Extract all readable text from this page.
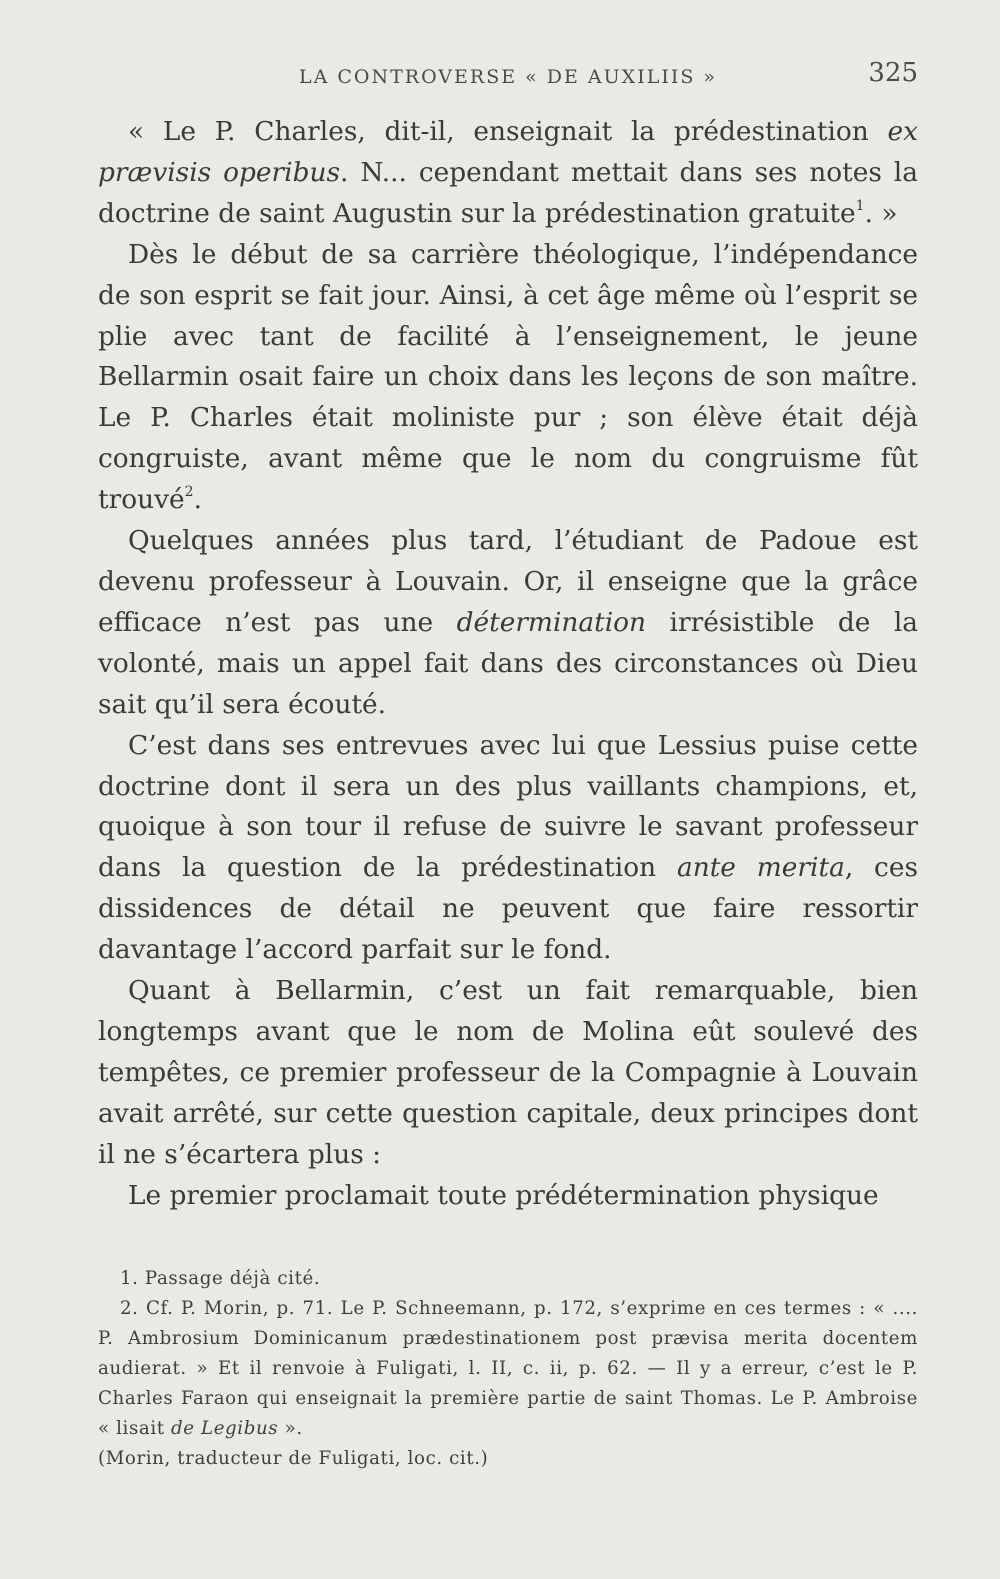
LA CONTROVERSE « DE AUXILIIS »	325

« Le P. Charles, dit-il, enseignait la prédestination ex prævisis operibus. N... cependant mettait dans ses notes la doctrine de saint Augustin sur la prédestination gratuite$^1$. »

Dès le début de sa carrière théologique, l’indépendance de son esprit se fait jour. Ainsi, à cet âge même où l’esprit se plie avec tant de facilité à l’enseignement, le jeune Bellarmin osait faire un choix dans les leçons de son maître. Le P. Charles était moliniste pur ; son élève était déjà congruiste, avant même que le nom du congruisme fût trouvé$^2$.

Quelques années plus tard, l’étudiant de Padoue est devenu professeur à Louvain. Or, il enseigne que la grâce efficace n’est pas une détermination irrésistible de la volonté, mais un appel fait dans des circonstances où Dieu sait qu’il sera écouté.

C’est dans ses entrevues avec lui que Lessius puise cette doctrine dont il sera un des plus vaillants champions, et, quoique à son tour il refuse de suivre le savant professeur dans la question de la prédestination ante merita, ces dissidences de détail ne peuvent que faire ressortir davantage l’accord parfait sur le fond.

Quant à Bellarmin, c’est un fait remarquable, bien longtemps avant que le nom de Molina eût soulevé des tempêtes, ce premier professeur de la Compagnie à Louvain avait arrêté, sur cette question capitale, deux principes dont il ne s’écartera plus :

Le premier proclamait toute prédétermination physique

1. Passage déjà cité.

2. Cf. P. Morin, p. 71. Le P. Schneemann, p. 172, s’exprime en ces termes : « .... P. Ambrosium Dominicanum prædestinationem post prævisa merita docentem audierat. » Et il renvoie à Fuligati, l. II, c. ii, p. 62. — Il y a erreur, c’est le P. Charles Faraon qui enseignait la première partie de saint Thomas. Le P. Ambroise « lisait de Legibus ».

(Morin, traducteur de Fuligati, loc. cit.)
